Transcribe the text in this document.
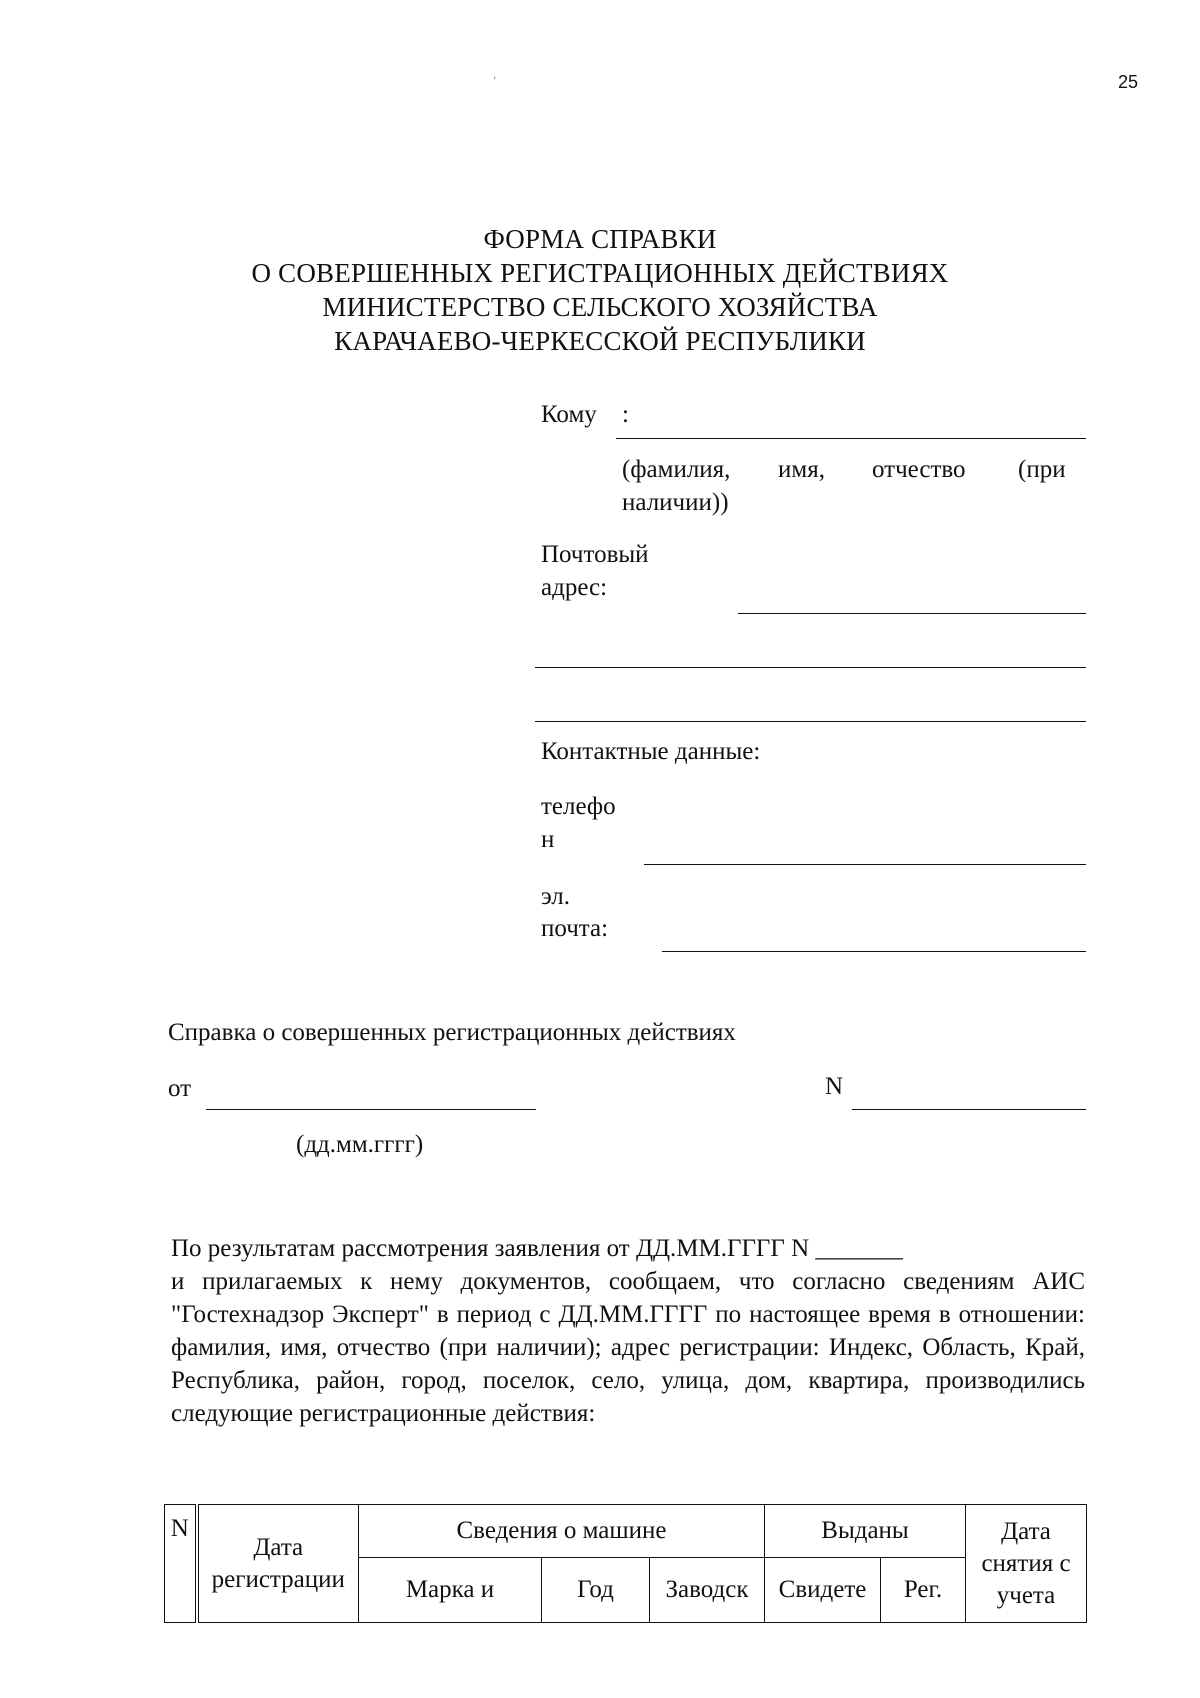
25
ʼ
ФОРМА СПРАВКИ
О СОВЕРШЕННЫХ РЕГИСТРАЦИОННЫХ ДЕЙСТВИЯХ
МИНИСТЕРСТВО СЕЛЬСКОГО ХОЗЯЙСТВА
КАРАЧАЕВО-ЧЕРКЕССКОЙ РЕСПУБЛИКИ
Кому :
(фамилия, имя, отчество (при
наличии))
Почтовый
адрес:
Контактные данные:
телефо
н
эл.
почта:
Справка о совершенных регистрационных действиях
от	N
(дд.мм.гггг)
По результатам рассмотрения заявления от ДД.ММ.ГГГГ N _______
и прилагаемых к нему документов, сообщаем, что согласно сведениям АИС "Гостехнадзор Эксперт" в период с ДД.ММ.ГГГГ по настоящее время в отношении: фамилия, имя, отчество (при наличии); адрес регистрации: Индекс, Область, Край, Республика, район, город, поселок, село, улица, дом, квартира, производились следующие регистрационные действия:
N	Дата регистрации	Сведения о машине			Выданы		Дата снятия с учета
		Марка и	Год	Заводск	Свидете	Рег.	
